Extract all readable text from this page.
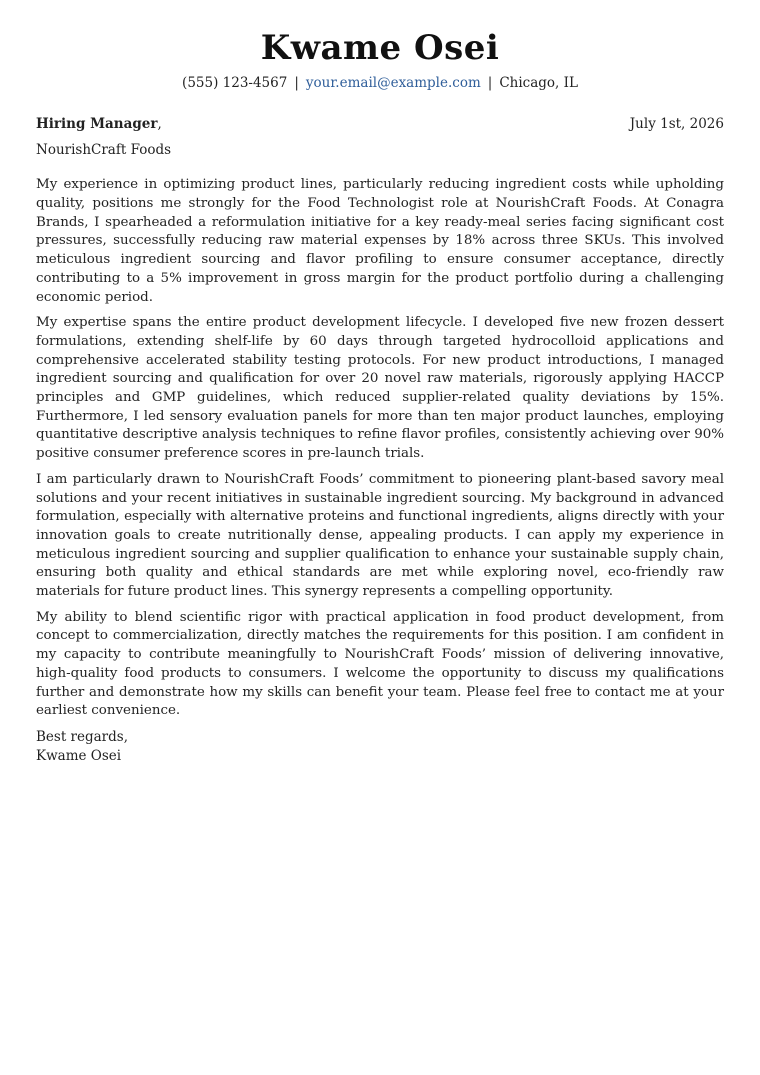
Kwame Osei
(555) 123-4567 | your.email@example.com | Chicago, IL
Hiring Manager,	July 1st, 2026
NourishCraft Foods

My experience in optimizing product lines, particularly reducing ingredient costs while upholding quality, positions me strongly for the Food Technologist role at NourishCraft Foods. At Conagra Brands, I spearheaded a reformulation initiative for a key ready-meal series facing significant cost pressures, successfully reducing raw material expenses by 18% across three SKUs. This involved meticulous ingredient sourcing and flavor profiling to ensure consumer acceptance, directly contributing to a 5% improvement in gross margin for the product portfolio during a challenging economic period.

My expertise spans the entire product development lifecycle. I developed five new frozen dessert formulations, extending shelf-life by 60 days through targeted hydrocolloid applications and comprehensive accelerated stability testing protocols. For new product introductions, I managed ingredient sourcing and qualification for over 20 novel raw materials, rigorously applying HACCP principles and GMP guidelines, which reduced supplier-related quality deviations by 15%. Furthermore, I led sensory evaluation panels for more than ten major product launches, employing quantitative descriptive analysis techniques to refine flavor profiles, consistently achieving over 90% positive consumer preference scores in pre-launch trials.

I am particularly drawn to NourishCraft Foods’ commitment to pioneering plant-based savory meal solutions and your recent initiatives in sustainable ingredient sourcing. My background in advanced formulation, especially with alternative proteins and functional ingredients, aligns directly with your innovation goals to create nutritionally dense, appealing products. I can apply my experience in meticulous ingredient sourcing and supplier qualification to enhance your sustainable supply chain, ensuring both quality and ethical standards are met while exploring novel, eco-friendly raw materials for future product lines. This synergy represents a compelling opportunity.

My ability to blend scientific rigor with practical application in food product development, from concept to commercialization, directly matches the requirements for this position. I am confident in my capacity to contribute meaningfully to NourishCraft Foods’ mission of delivering innovative, high-quality food products to consumers. I welcome the opportunity to discuss my qualifications further and demonstrate how my skills can benefit your team. Please feel free to contact me at your earliest convenience.

Best regards,
Kwame Osei
